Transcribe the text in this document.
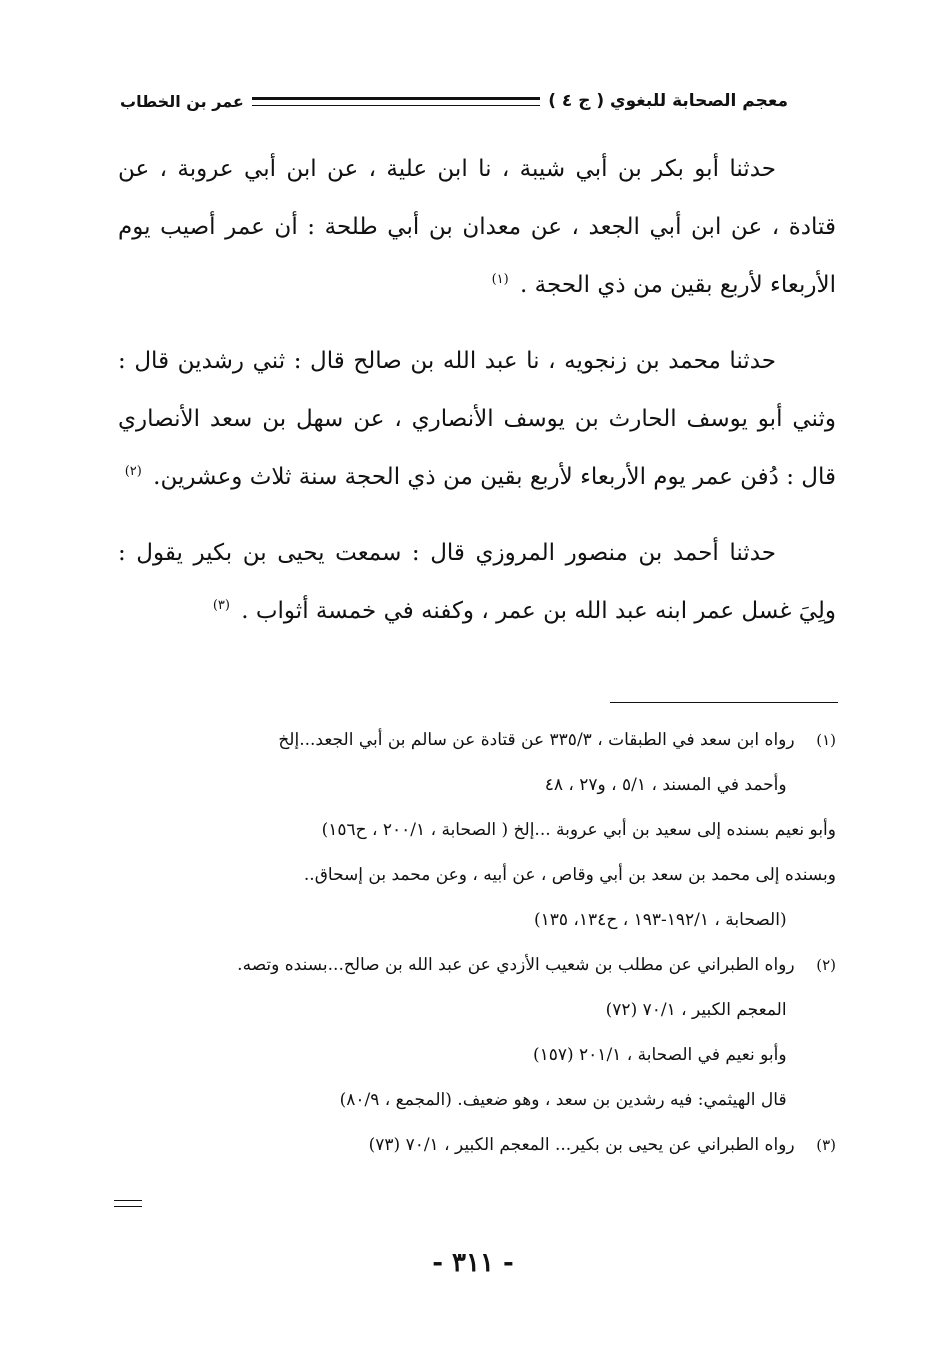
معجم الصحابة للبغوي ( ج ٤ )
عمر بن الخطاب

حدثنا أبو بكر بن أبي شيبة ، نا ابن علية ، عن ابن أبي عروبة ، عن قتادة ، عن ابن أبي الجعد ، عن معدان بن أبي طلحة : أن عمر أصيب يوم الأربعاء لأربع بقين من ذي الحجة . $^{(١)}$

حدثنا محمد بن زنجويه ، نا عبد الله بن صالح قال : ثني رشدين قال : وثني أبو يوسف الحارث بن يوسف الأنصاري ، عن سهل بن سعد الأنصاري قال : دُفن عمر يوم الأربعاء لأربع بقين من ذي الحجة سنة ثلاث وعشرين. $^{(٢)}$

حدثنا أحمد بن منصور المروزي قال : سمعت يحيى بن بكير يقول : ولِيَ غسل عمر ابنه عبد الله بن عمر ، وكفنه في خمسة أثواب . $^{(٣)}$

(١) رواه ابن سعد في الطبقات ، ٣٣٥/٣ عن قتادة عن سالم بن أبي الجعد...إلخ
وأحمد في المسند ، ٥/١ ، و٢٧ ، ٤٨
وأبو نعيم بسنده إلى سعيد بن أبي عروبة ...إلخ ( الصحابة ، ٢٠٠/١ ، ح١٥٦)
وبسنده إلى محمد بن سعد بن أبي وقاص ، عن أبيه ، وعن محمد بن إسحاق..
(الصحابة ، ١٩٢/١-١٩٣ ، ح١٣٤، ١٣٥)
(٢) رواه الطبراني عن مطلب بن شعيب الأزدي عن عبد الله بن صالح...بسنده وتصه.
المعجم الكبير ، ٧٠/١ (٧٢)
وأبو نعيم في الصحابة ، ٢٠١/١ (١٥٧)
قال الهيثمي: فيه رشدين بن سعد ، وهو ضعيف. (المجمع ، ٨٠/٩)
(٣) رواه الطبراني عن يحيى بن بكير... المعجم الكبير ، ٧٠/١ (٧٣)
- ٣١١ -
